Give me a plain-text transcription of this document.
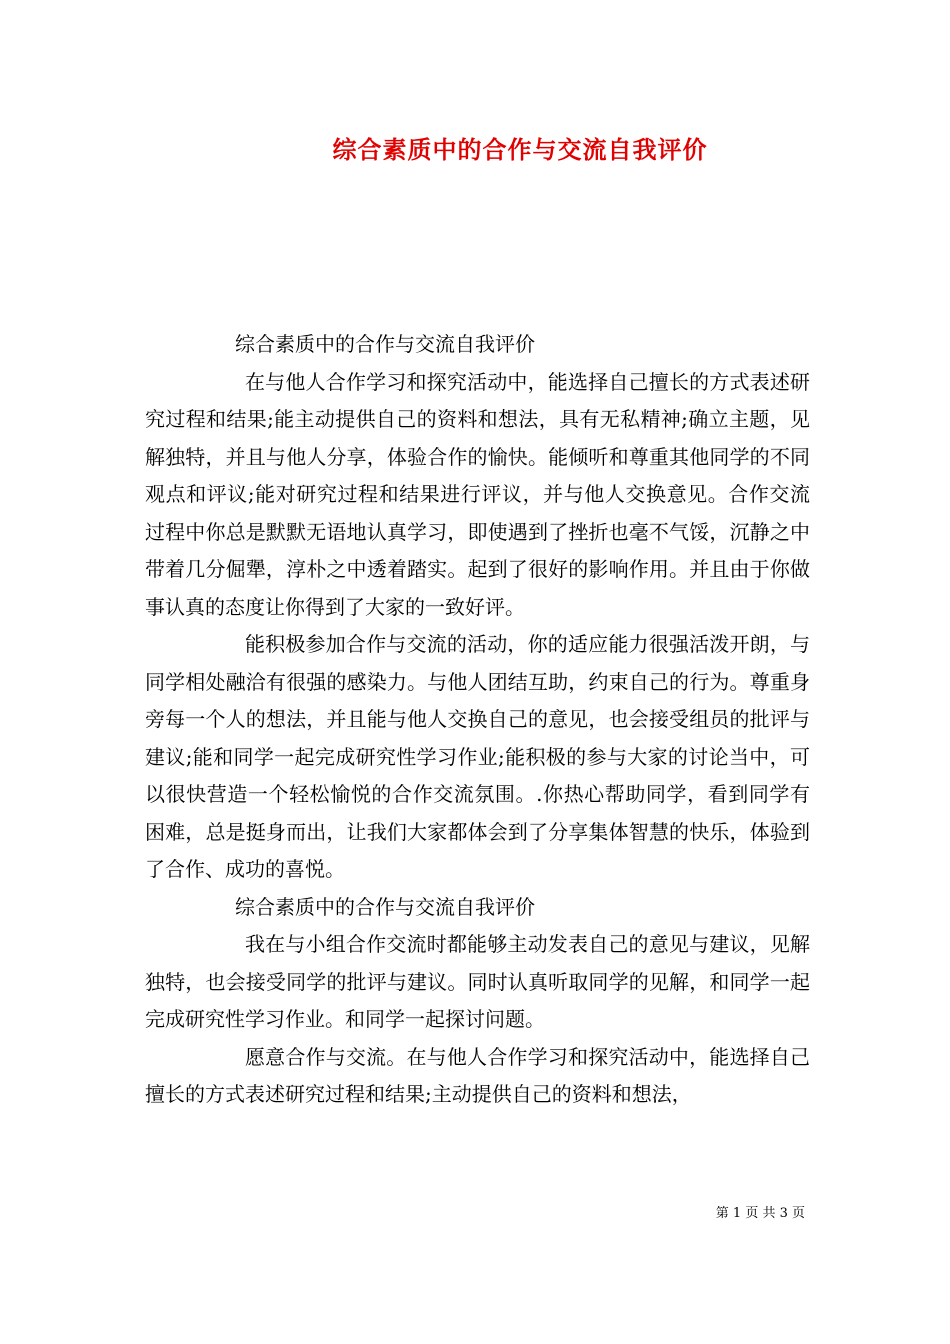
综合素质中的合作与交流自我评价

综合素质中的合作与交流自我评价

在与他人合作学习和探究活动中，能选择自己擅长的方式表述研究过程和结果;能主动提供自己的资料和想法，具有无私精神;确立主题，见解独特，并且与他人分享，体验合作的愉快。能倾听和尊重其他同学的不同观点和评议;能对研究过程和结果进行评议，并与他人交换意见。合作交流过程中你总是默默无语地认真学习，即使遇到了挫折也毫不气馁，沉静之中带着几分倔犟，淳朴之中透着踏实。起到了很好的影响作用。并且由于你做事认真的态度让你得到了大家的一致好评。

能积极参加合作与交流的活动，你的适应能力很强活泼开朗，与同学相处融洽有很强的感染力。与他人团结互助，约束自己的行为。尊重身旁每一个人的想法，并且能与他人交换自己的意见，也会接受组员的批评与建议;能和同学一起完成研究性学习作业;能积极的参与大家的讨论当中，可以很快营造一个轻松愉悦的合作交流氛围。.你热心帮助同学，看到同学有困难，总是挺身而出，让我们大家都体会到了分享集体智慧的快乐，体验到了合作、成功的喜悦。

综合素质中的合作与交流自我评价

我在与小组合作交流时都能够主动发表自己的意见与建议，见解独特，也会接受同学的批评与建议。同时认真听取同学的见解，和同学一起完成研究性学习作业。和同学一起探讨问题。

愿意合作与交流。在与他人合作学习和探究活动中，能选择自己擅长的方式表述研究过程和结果;主动提供自己的资料和想法，

第 1 页 共 3 页
